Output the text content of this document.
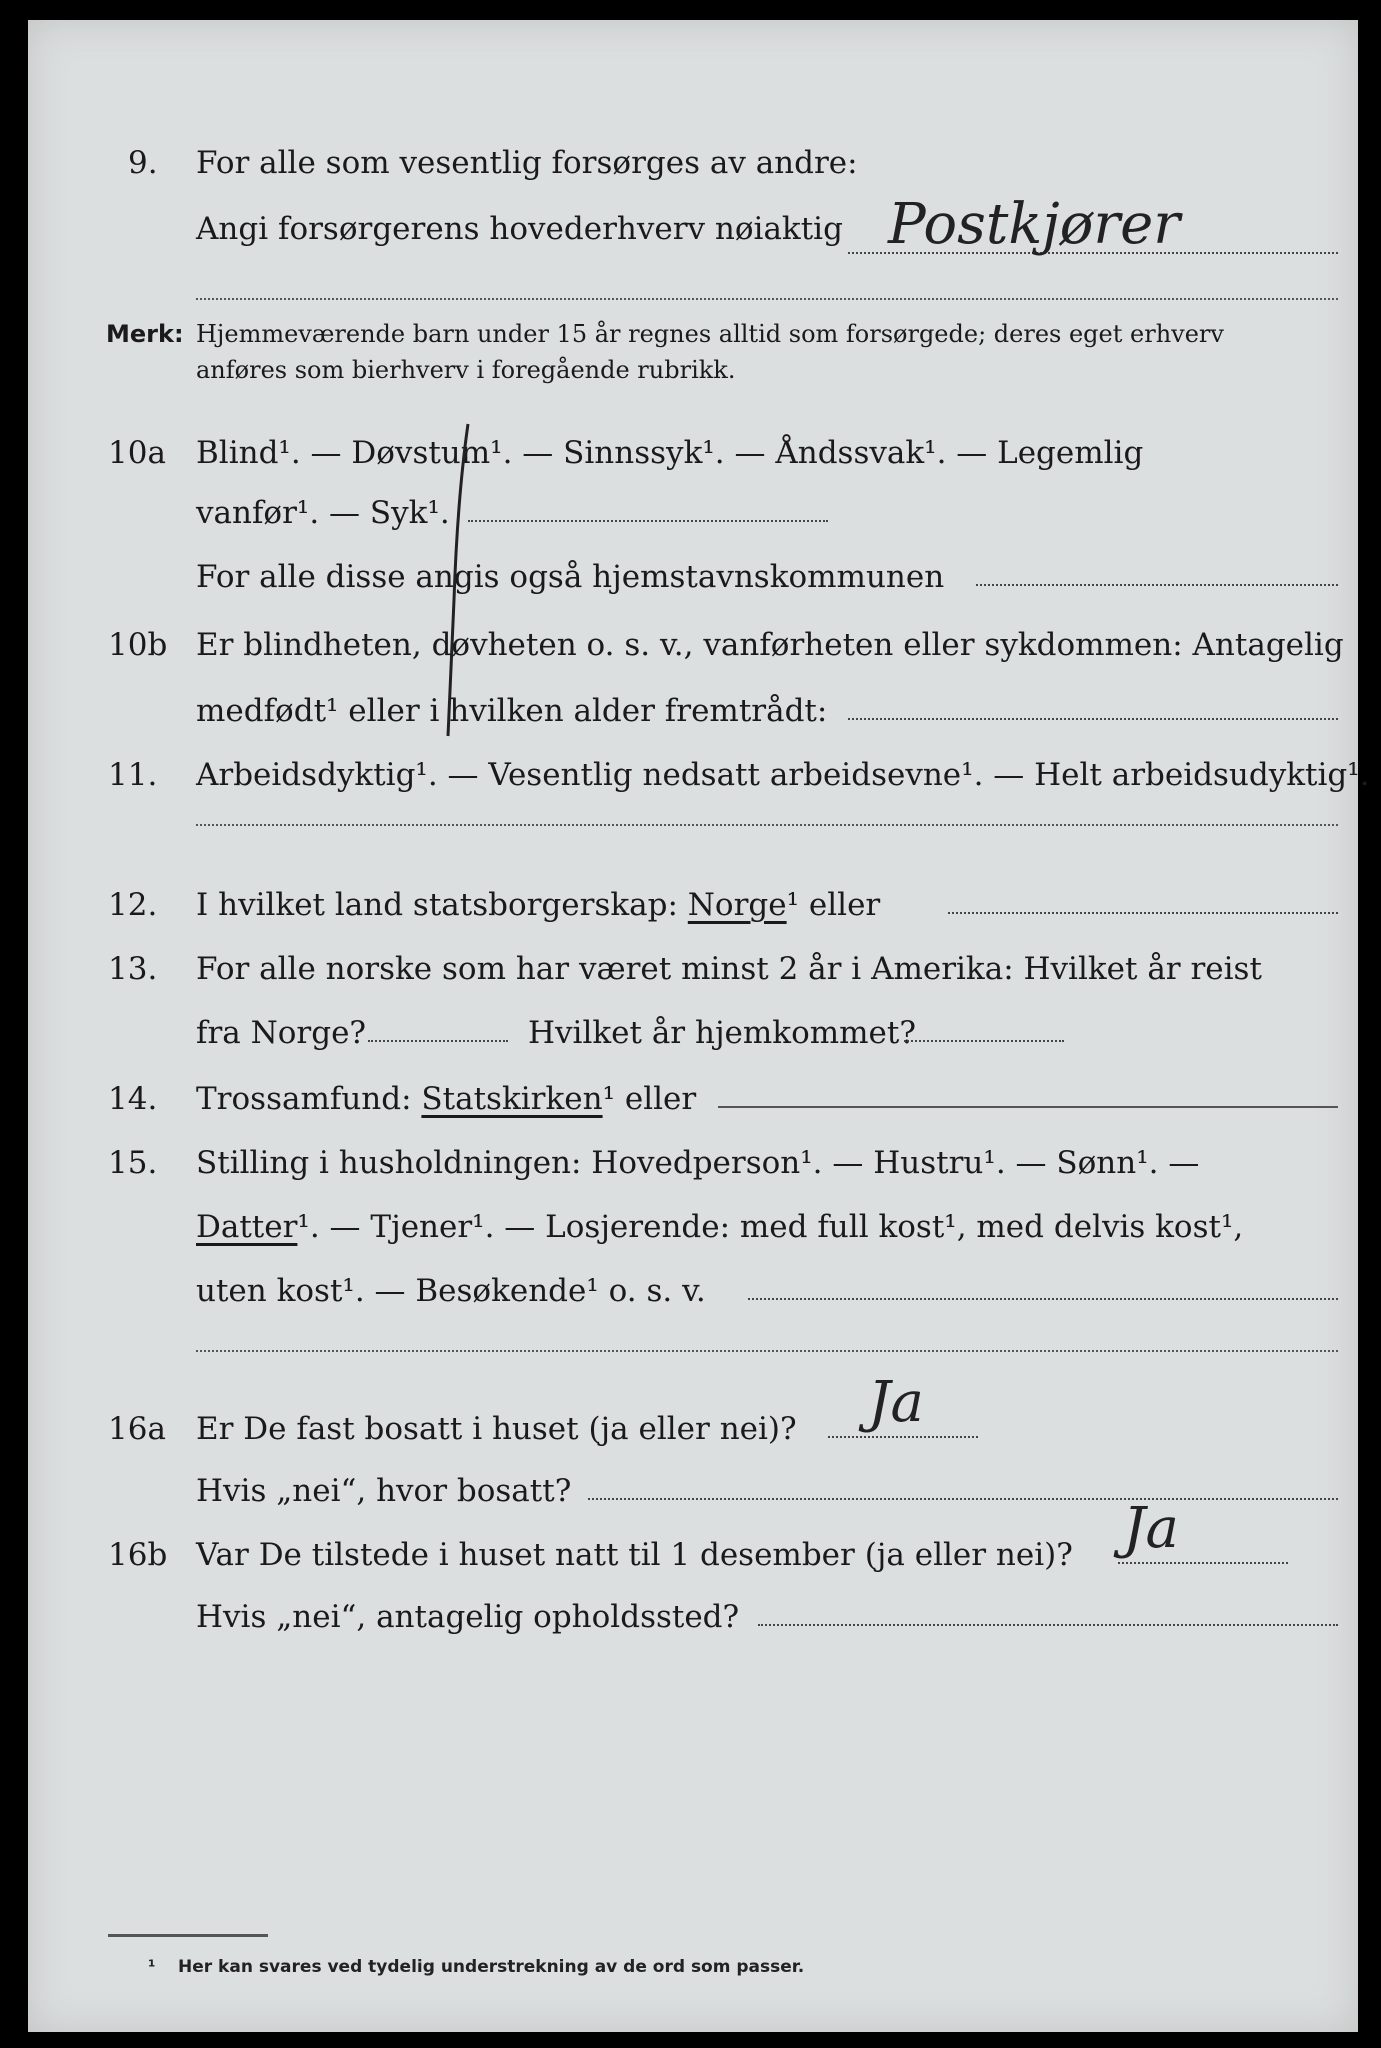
9. For alle som vesentlig forsørges av andre:
Angi forsørgerens hovederhverv nøiaktig Postkjører
Merk: Hjemmeværende barn under 15 år regnes alltid som forsørgede; deres eget erhverv
anføres som bierhverv i foregående rubrikk.
10a Blind¹. — Døvstum¹. — Sinnssyk¹. — Åndssvak¹. — Legemlig
vanfør¹. — Syk¹.
For alle disse angis også hjemstavnskommunen
10b Er blindheten, døvheten o. s. v., vanførheten eller sykdommen: Antagelig
medfødt¹ eller i hvilken alder fremtrådt:
11. Arbeidsdyktig¹. — Vesentlig nedsatt arbeidsevne¹. — Helt arbeidsudyktig¹.
12. I hvilket land statsborgerskap: Norge¹ eller
13. For alle norske som har været minst 2 år i Amerika: Hvilket år reist
fra Norge?	Hvilket år hjemkommet?
14. Trossamfund: Statskirken¹ eller
15. Stilling i husholdningen: Hovedperson¹. — Hustru¹. — Sønn¹. —
Datter¹. — Tjener¹. — Losjerende: med full kost¹, med delvis kost¹,
uten kost¹. — Besøkende¹ o. s. v.
16a Er De fast bosatt i huset (ja eller nei)? Ja
Hvis „nei“, hvor bosatt?
16b Var De tilstede i huset natt til 1 desember (ja eller nei)? Ja
Hvis „nei“, antagelig opholdssted?
¹ Her kan svares ved tydelig understrekning av de ord som passer.
